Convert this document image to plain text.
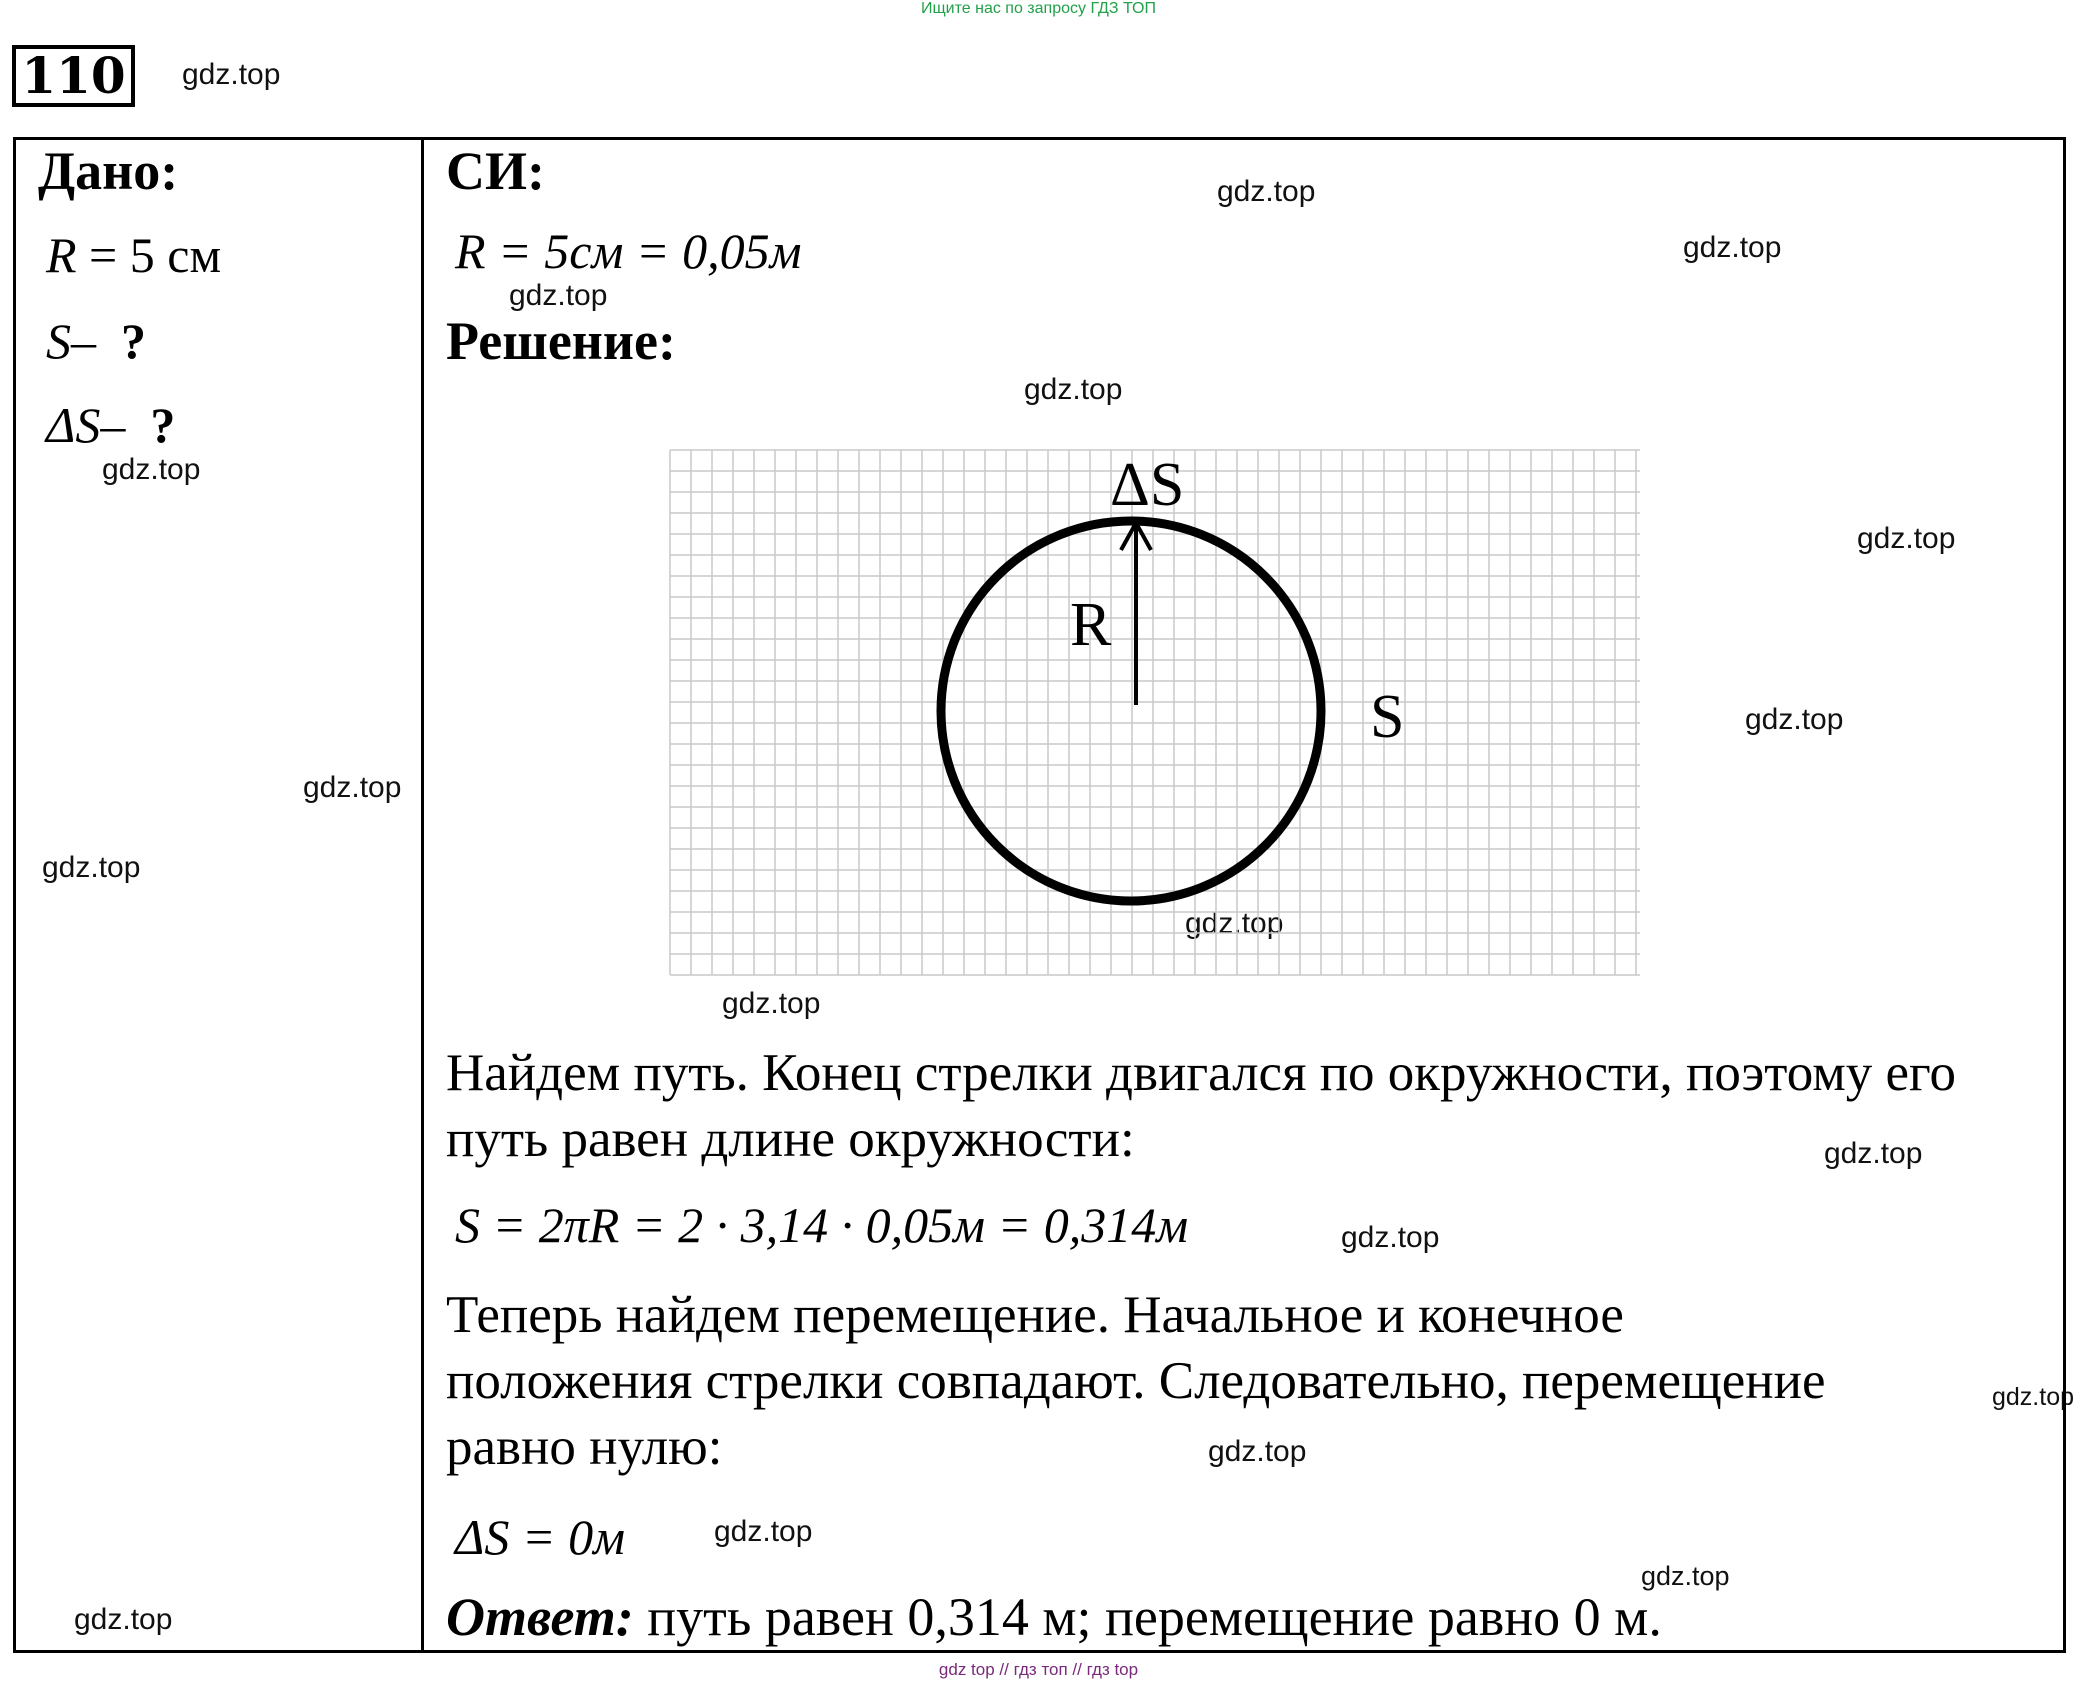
Ищите нас по запросу ГДЗ ТОП
110	gdz.top
gdz.top
gdz.top
gdz.top
gdz.top
gdz.top
gdz.top
gdz.top
gdz.top
gdz.top
gdz.top
gdz.top
gdz.top
gdz.top
gdz.top
gdz.top
gdz.top
gdz.top
gdz.top
Дано:
R = 5 см
S– ?
ΔS– ?
СИ:
R = 5см = 0,05м
Решение:
ΔS
R
S
Найдем путь. Конец стрелки двигался по окружности, поэтому его путь равен длине окружности:
S = 2πR = 2 · 3,14 · 0,05м = 0,314м
Теперь найдем перемещение. Начальное и конечное
положения стрелки совпадают. Следовательно, перемещение
равно нулю:
ΔS = 0м
Ответ: путь равен 0,314 м; перемещение равно 0 м.
gdz top // гдз топ // гдз top
